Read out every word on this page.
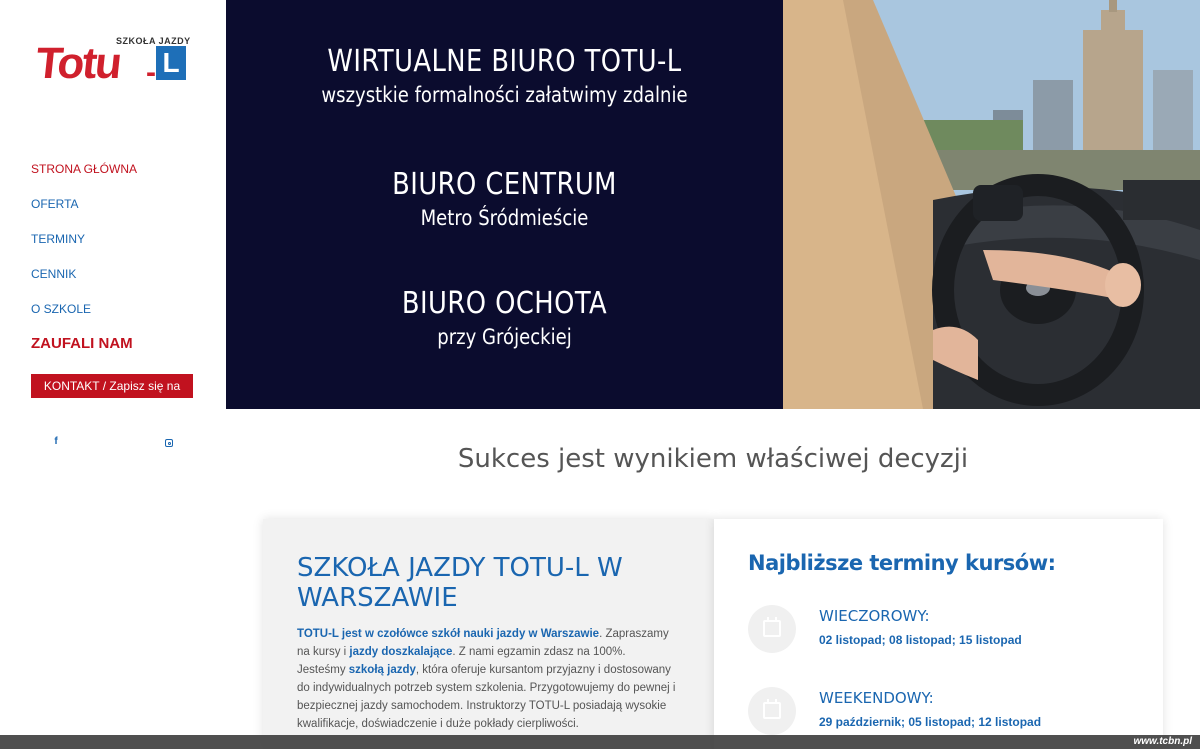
SZKOŁA JAZDY
Totu - L
STRONA GŁÓWNA
OFERTA
TERMINY
CENNIK
O SZKOLE
ZAUFALI NAM
KONTAKT / Zapisz się na kurs!
f
WIRTUALNE BIURO TOTU-L
wszystkie formalności załatwimy zdalnie
BIURO CENTRUM
Metro Śródmieście
BIURO OCHOTA
przy Grójeckiej
Sukces jest wynikiem właściwej decyzji
SZKOŁA JAZDY TOTU-L W WARSZAWIE

TOTU-L jest w czołówce szkół nauki jazdy w Warszawie. Zapraszamy na kursy i jazdy doszkalające. Z nami egzamin zdasz na 100%. Jesteśmy szkołą jazdy, która oferuje kursantom przyjazny i dostosowany do indywidualnych potrzeb system szkolenia. Przygotowujemy do pewnej i bezpiecznej jazdy samochodem. Instruktorzy TOTU-L posiadają wysokie kwalifikacje, doświadczenie i duże pokłady cierpliwości.

Najbliższe terminy kursów:
WIECZOROWY:
02 listopad; 08 listopad; 15 listopad
WEEKENDOWY:
29 październik; 05 listopad; 12 listopad
www.tcbn.pl
